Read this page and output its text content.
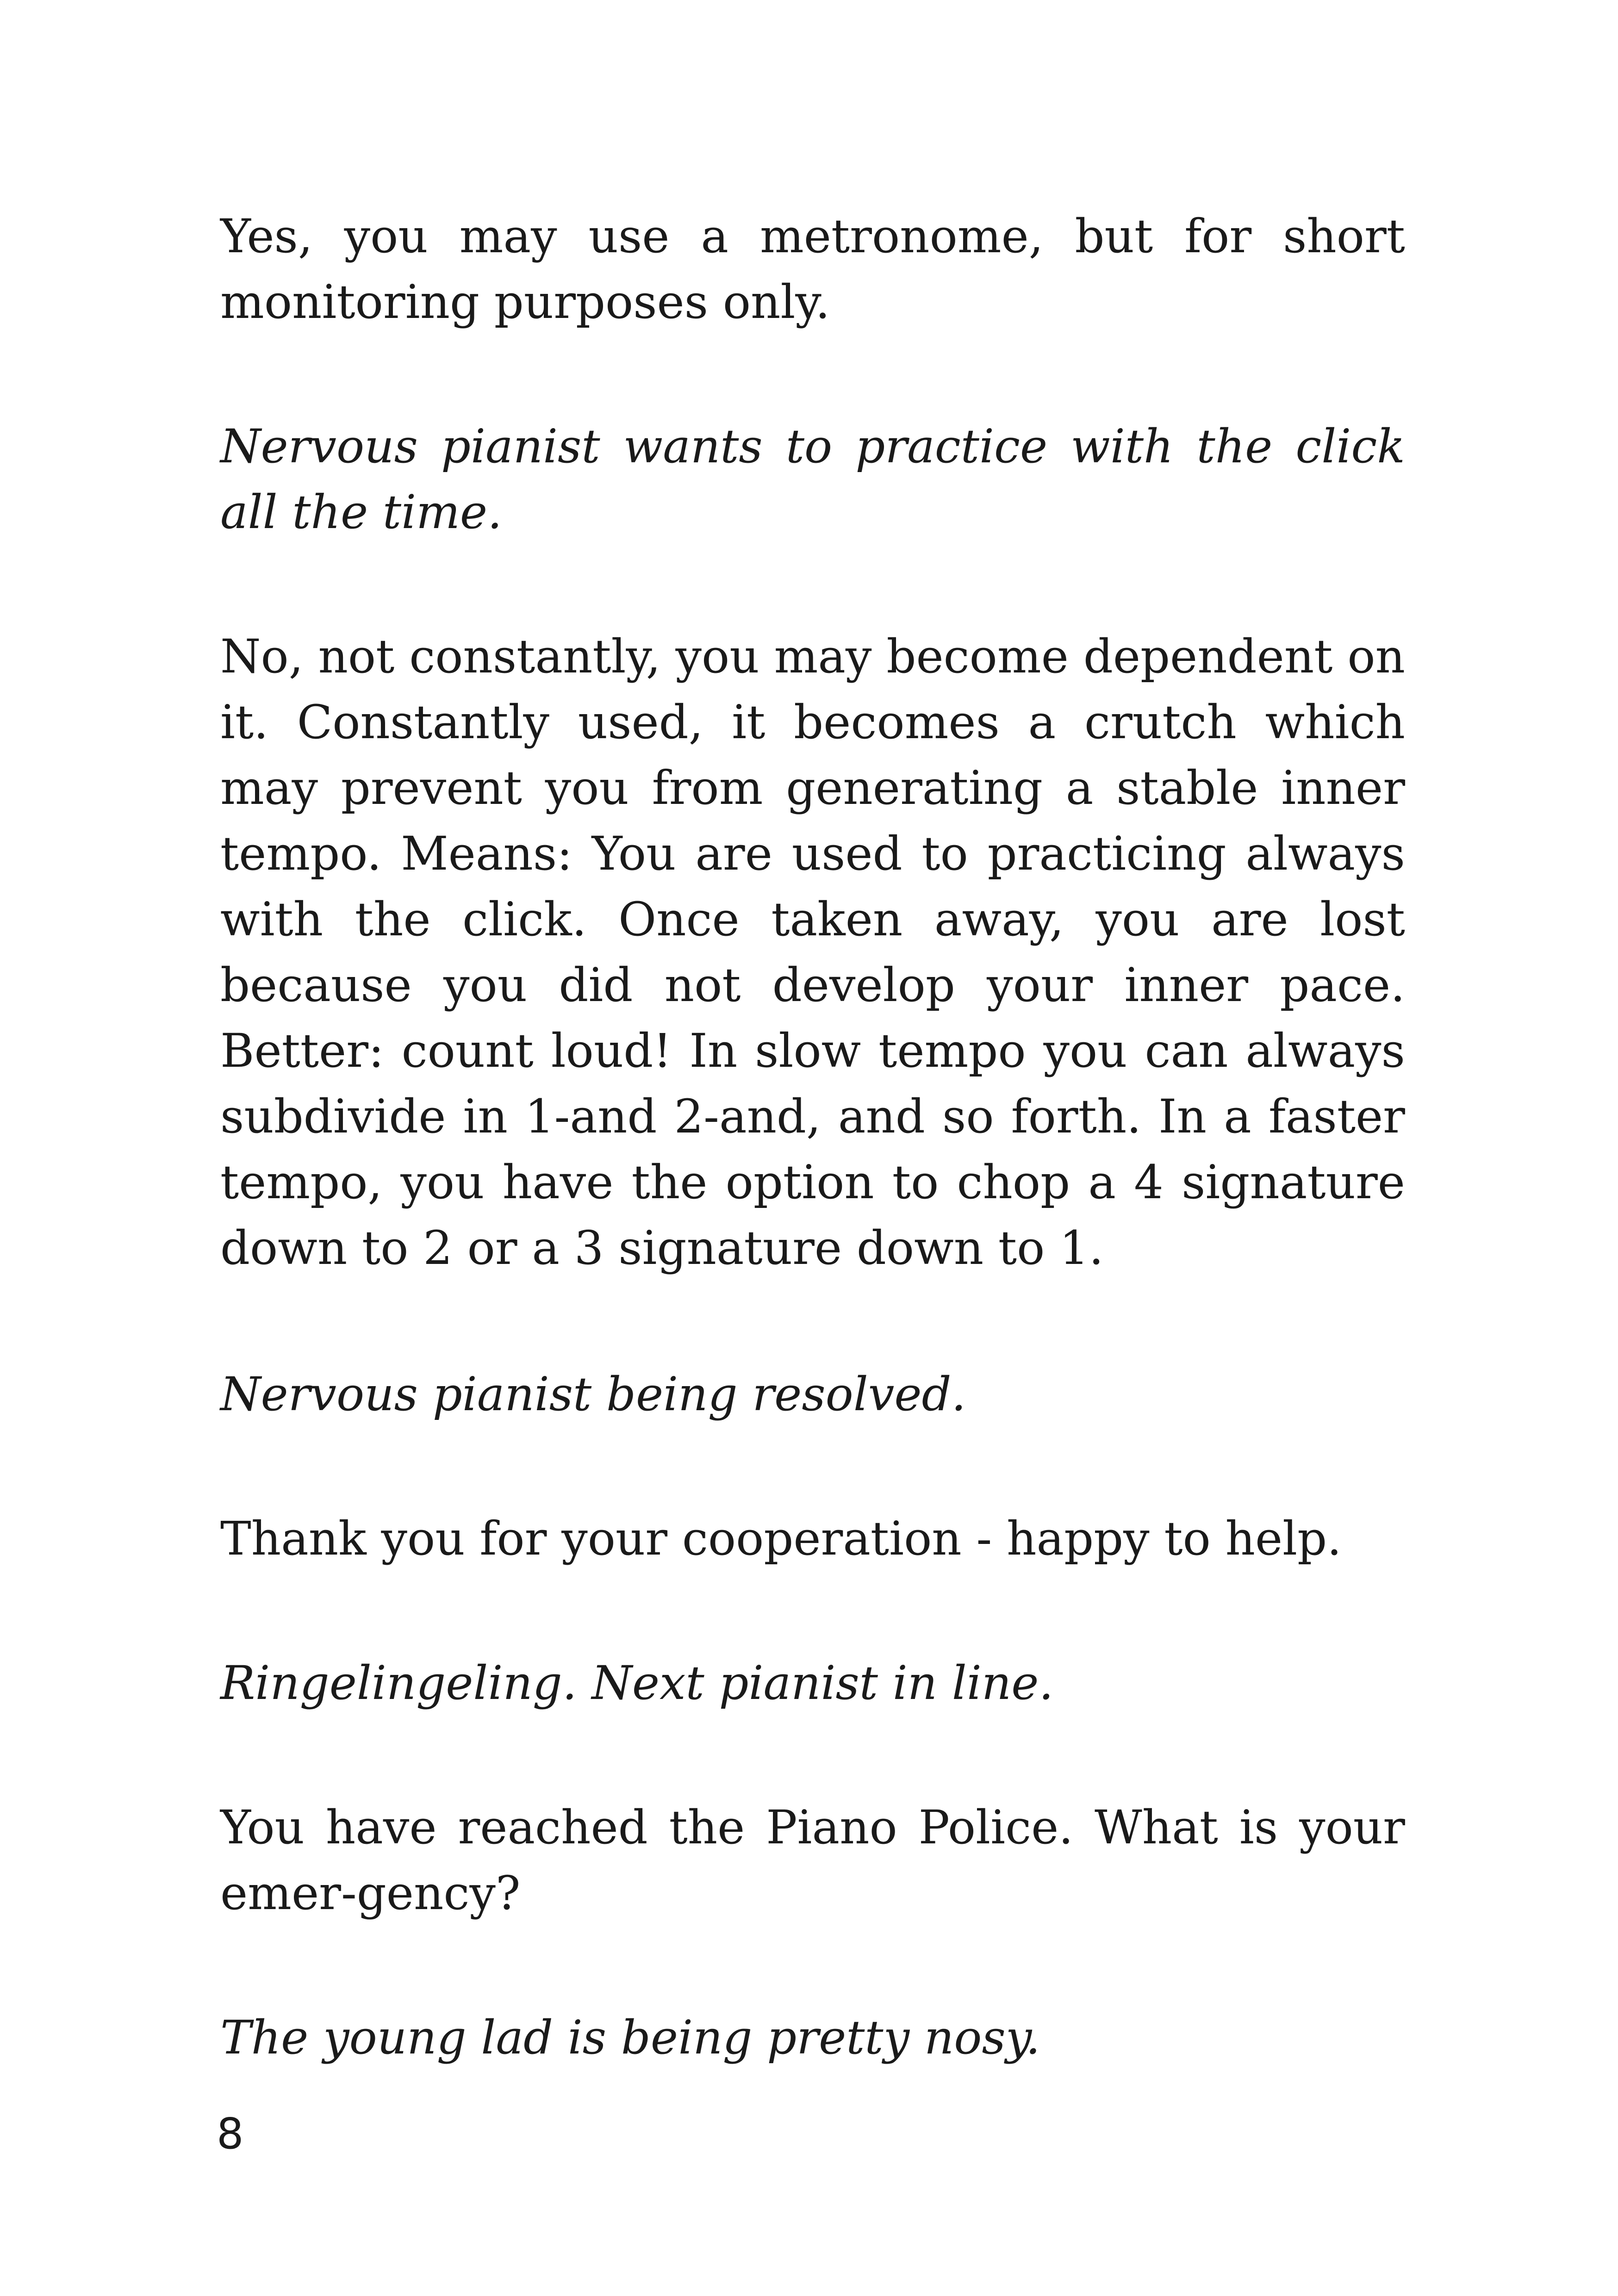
Yes, you may use a metronome, but for short monitoring purposes only.

Nervous pianist wants to practice with the click all the time.

No, not constantly, you may become dependent on it. Constantly used, it becomes a crutch which may prevent you from generating a stable inner tempo. Means: You are used to practicing always with the click. Once taken away, you are lost because you did not develop your inner pace. Better: count loud! In slow tempo you can always subdivide in 1-and 2-and, and so forth. In a faster tempo, you have the option to chop a 4 signature down to 2 or a 3 signature down to 1.

Nervous pianist being resolved.

Thank you for your cooperation - happy to help.

Ringelingeling. Next pianist in line.

You have reached the Piano Police. What is your emer-gency?

The young lad is being pretty nosy.

8
